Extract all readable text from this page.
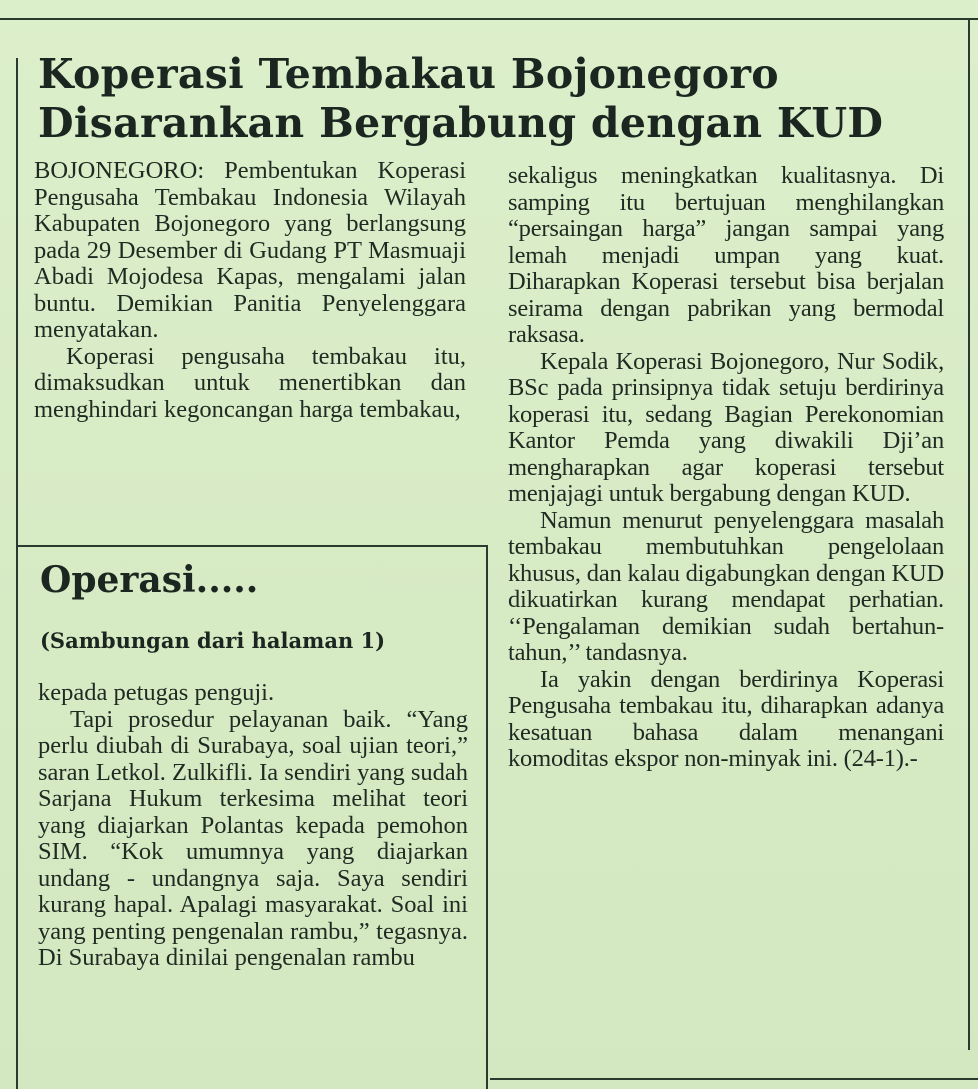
Koperasi Tembakau Bojonegoro
Disarankan Bergabung dengan KUD

BOJONEGORO: Pembentukan Koperasi Pengusaha Tembakau Indonesia Wilayah Kabupaten Bojonegoro yang berlangsung pada 29 Desember di Gudang PT Masmuaji Abadi Mojodesa Kapas, mengalami jalan buntu. Demikian Panitia Penyelenggara menyatakan.

Koperasi pengusaha tembakau itu, dimaksudkan untuk menertibkan dan menghindari kegoncangan harga tembakau,

sekaligus meningkatkan kualitasnya. Di samping itu bertujuan menghilangkan “persaingan harga” jangan sampai yang lemah menjadi umpan yang kuat. Diharapkan Koperasi tersebut bisa berjalan seirama dengan pabrikan yang bermodal raksasa.

Kepala Koperasi Bojonegoro, Nur Sodik, BSc pada prinsipnya tidak setuju berdirinya koperasi itu, sedang Bagian Perekonomian Kantor Pemda yang diwakili Dji’an mengharapkan agar koperasi tersebut menjajagi untuk bergabung dengan KUD.

Namun menurut penyelenggara masalah tembakau membutuhkan pengelolaan khusus, dan kalau digabungkan dengan KUD dikuatirkan kurang mendapat perhatian. ‘‘Pengalaman demikian sudah bertahun-tahun,’’ tandasnya.

Ia yakin dengan berdirinya Koperasi Pengusaha tembakau itu, diharapkan adanya kesatuan bahasa dalam menangani komoditas ekspor non-minyak ini. (24-1).-

Operasi.....
(Sambungan dari halaman 1)

kepada petugas penguji.

Tapi prosedur pelayanan baik. “Yang perlu diubah di Surabaya, soal ujian teori,” saran Letkol. Zulkifli. Ia sendiri yang sudah Sarjana Hukum terkesima melihat teori yang diajarkan Polantas kepada pemohon SIM. “Kok umumnya yang diajarkan undang - undangnya saja. Saya sendiri kurang hapal. Apalagi masyarakat. Soal ini yang penting pengenalan rambu,” tegasnya. Di Surabaya dinilai pengenalan rambu
